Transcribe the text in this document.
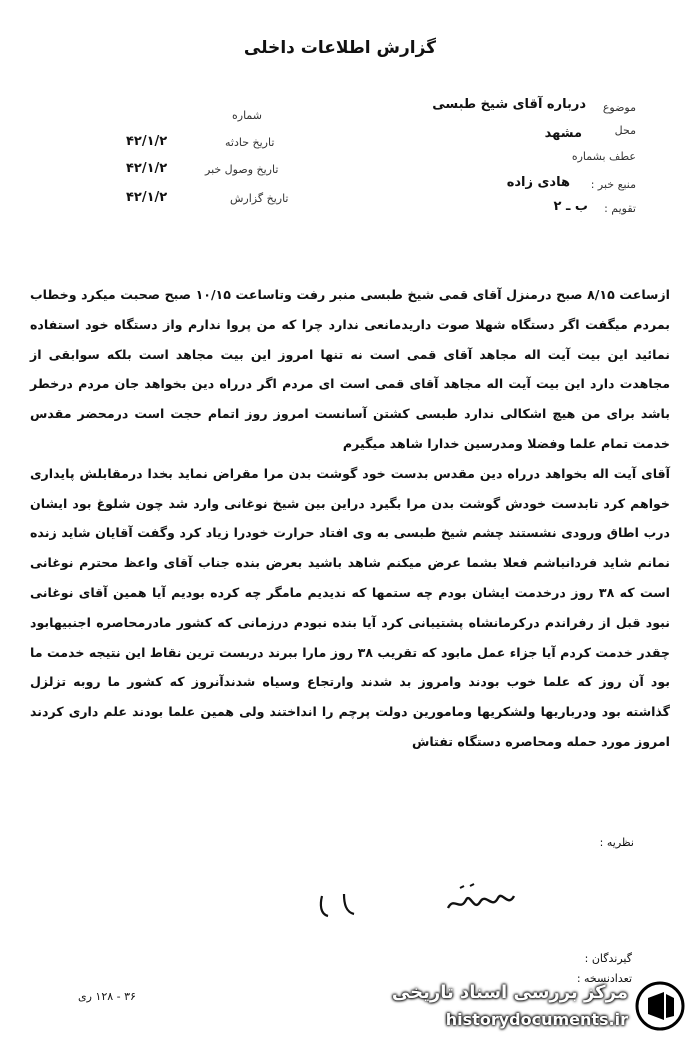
گزارش اطلاعات داخلی
موضوع
درباره آقای شیخ طبسی
محل
مشهد
عطف بشماره
منبع خبر :
هادی زاده
تقویم :
ب ـ ۲
شماره
تاریخ حادثه
۴۲/۱/۲
تاریخ وصول خبر
۴۲/۱/۲
تاریخ گزارش
۴۲/۱/۲

ازساعت ۸/۱۵ صبح درمنزل آقای قمی شیخ طبسی منبر رفت وتاساعت ۱۰/۱۵ صبح صحبت میکرد وخطاب بمردم میگفت اگر دستگاه شهلا صوت داریدمانعی ندارد چرا که من پروا ندارم واز دستگاه خود استفاده نمائید این بیت آیت اله مجاهد آقای قمی است نه تنها امروز این بیت مجاهد است بلکه سوابقی از مجاهدت دارد این بیت آیت اله مجاهد آقای قمی است ای مردم اگر درراه دین بخواهد جان مردم درخطر باشد برای من هیچ اشکالی ندارد طبسی کشتن آسانست امروز روز اتمام حجت است درمحضر مقدس خدمت تمام علما وفضلا ومدرسین خدارا شاهد میگیرم

آقای آیت اله بخواهد درراه دین مقدس بدست خود گوشت بدن مرا مقراض نماید بخدا درمقابلش پایداری خواهم کرد تابدست خودش گوشت بدن مرا بگیرد دراین بین شیخ نوغانی وارد شد چون شلوغ بود ایشان درب اطاق ورودی نشستند چشم شیخ طبسی به وی افتاد حرارت خودرا زیاد کرد وگفت آقایان شاید زنده نمانم شاید فردانباشم فعلا بشما عرض میکنم شاهد باشید بعرض بنده جناب آقای واعظ محترم نوغانی است که ۳۸ روز درخدمت ایشان بودم چه ستمها که ندیدیم مامگر چه کرده بودیم آیا همین آقای نوغانی نبود قبل از رفراندم درکرمانشاه پشتیبانی کرد آیا بنده نبودم درزمانی که کشور مادرمحاصره اجنبیهابود چقدر خدمت کردم آیا جزاء عمل مابود که تقریب ۳۸ روز مارا ببرند دربست ترین نقاط این نتیجه خدمت ما بود آن روز که علما خوب بودند وامروز بد شدند وارتجاع وسیاه شدندآنروز که کشور ما روبه تزلزل گذاشته بود ودرباریها ولشکریها ومامورین دولت پرچم را انداختند ولی همین علما بودند علم داری کردند امروز مورد حمله ومحاصره دستگاه تفتاش

نظریه :
گیرندگان :
تعدادنسخه :
۳۶ - ۱۲۸ ری	مرکز بررسی اسناد تاریخی
historydocuments.ir
